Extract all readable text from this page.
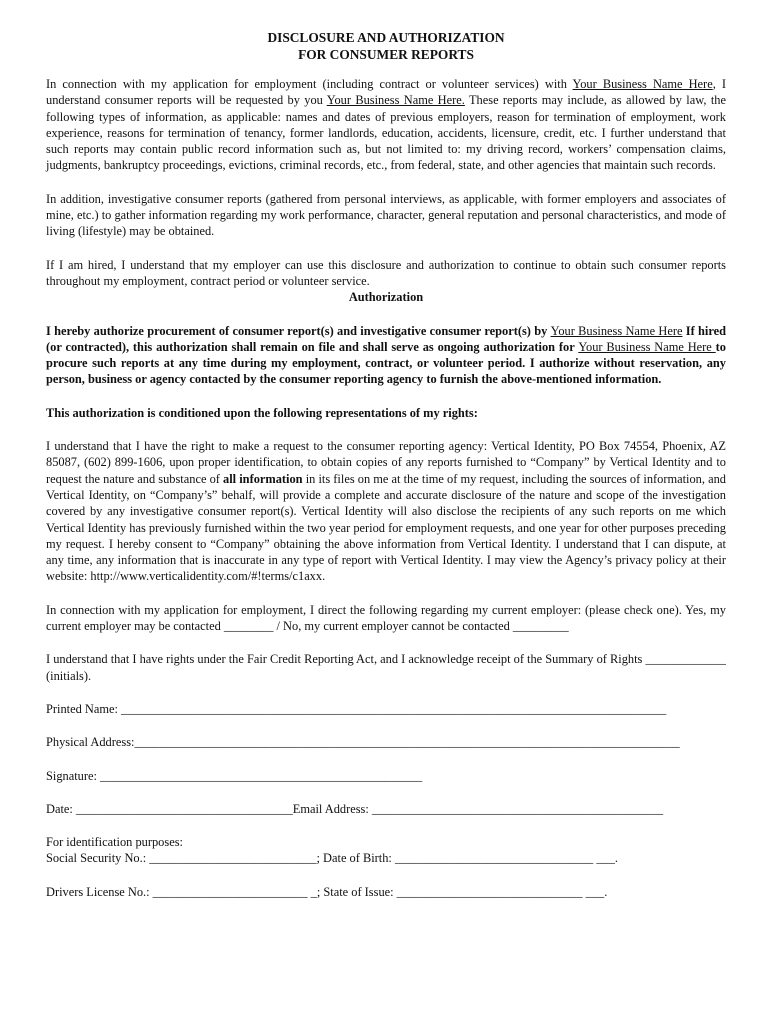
DISCLOSURE AND AUTHORIZATION
FOR CONSUMER REPORTS

In connection with my application for employment (including contract or volunteer services) with Your Business Name Here, I understand consumer reports will be requested by you Your Business Name Here. These reports may include, as allowed by law, the following types of information, as applicable: names and dates of previous employers, reason for termination of employment, work experience, reasons for termination of tenancy, former landlords, education, accidents, licensure, credit, etc. I further understand that such reports may contain public record information such as, but not limited to: my driving record, workers’ compensation claims, judgments, bankruptcy proceedings, evictions, criminal records, etc., from federal, state, and other agencies that maintain such records.

In addition, investigative consumer reports (gathered from personal interviews, as applicable, with former employers and associates of mine, etc.) to gather information regarding my work performance, character, general reputation and personal characteristics, and mode of living (lifestyle) may be obtained.

If I am hired, I understand that my employer can use this disclosure and authorization to continue to obtain such consumer reports throughout my employment, contract period or volunteer service.

Authorization

I hereby authorize procurement of consumer report(s) and investigative consumer report(s) by Your Business Name Here If hired (or contracted), this authorization shall remain on file and shall serve as ongoing authorization for Your Business Name Here to procure such reports at any time during my employment, contract, or volunteer period. I authorize without reservation, any person, business or agency contacted by the consumer reporting agency to furnish the above-mentioned information.

This authorization is conditioned upon the following representations of my rights:

I understand that I have the right to make a request to the consumer reporting agency: Vertical Identity, PO Box 74554, Phoenix, AZ 85087, (602) 899-1606, upon proper identification, to obtain copies of any reports furnished to “Company” by Vertical Identity and to request the nature and substance of all information in its files on me at the time of my request, including the sources of information, and Vertical Identity, on “Company’s” behalf, will provide a complete and accurate disclosure of the nature and scope of the investigation covered by any investigative consumer report(s). Vertical Identity will also disclose the recipients of any such reports on me which Vertical Identity has previously furnished within the two year period for employment requests, and one year for other purposes preceding my request. I hereby consent to “Company” obtaining the above information from Vertical Identity. I understand that I can dispute, at any time, any information that is inaccurate in any type of report with Vertical Identity. I may view the Agency’s privacy policy at their website: http://www.verticalidentity.com/#!terms/c1axx.

In connection with my application for employment, I direct the following regarding my current employer: (please check one). Yes, my current employer may be contacted ________ / No, my current employer cannot be contacted _________

I understand that I have rights under the Fair Credit Reporting Act, and I acknowledge receipt of the Summary of Rights _____________ (initials).

Printed Name: ________________________________________________________________________________________

Physical Address:________________________________________________________________________________________

Signature: ____________________________________________________

Date: ___________________________________Email Address: _______________________________________________

For identification purposes:

Social Security No.: ___________________________; Date of Birth: ________________________________ ___.

Drivers License No.: _________________________ _; State of Issue: ______________________________ ___.
